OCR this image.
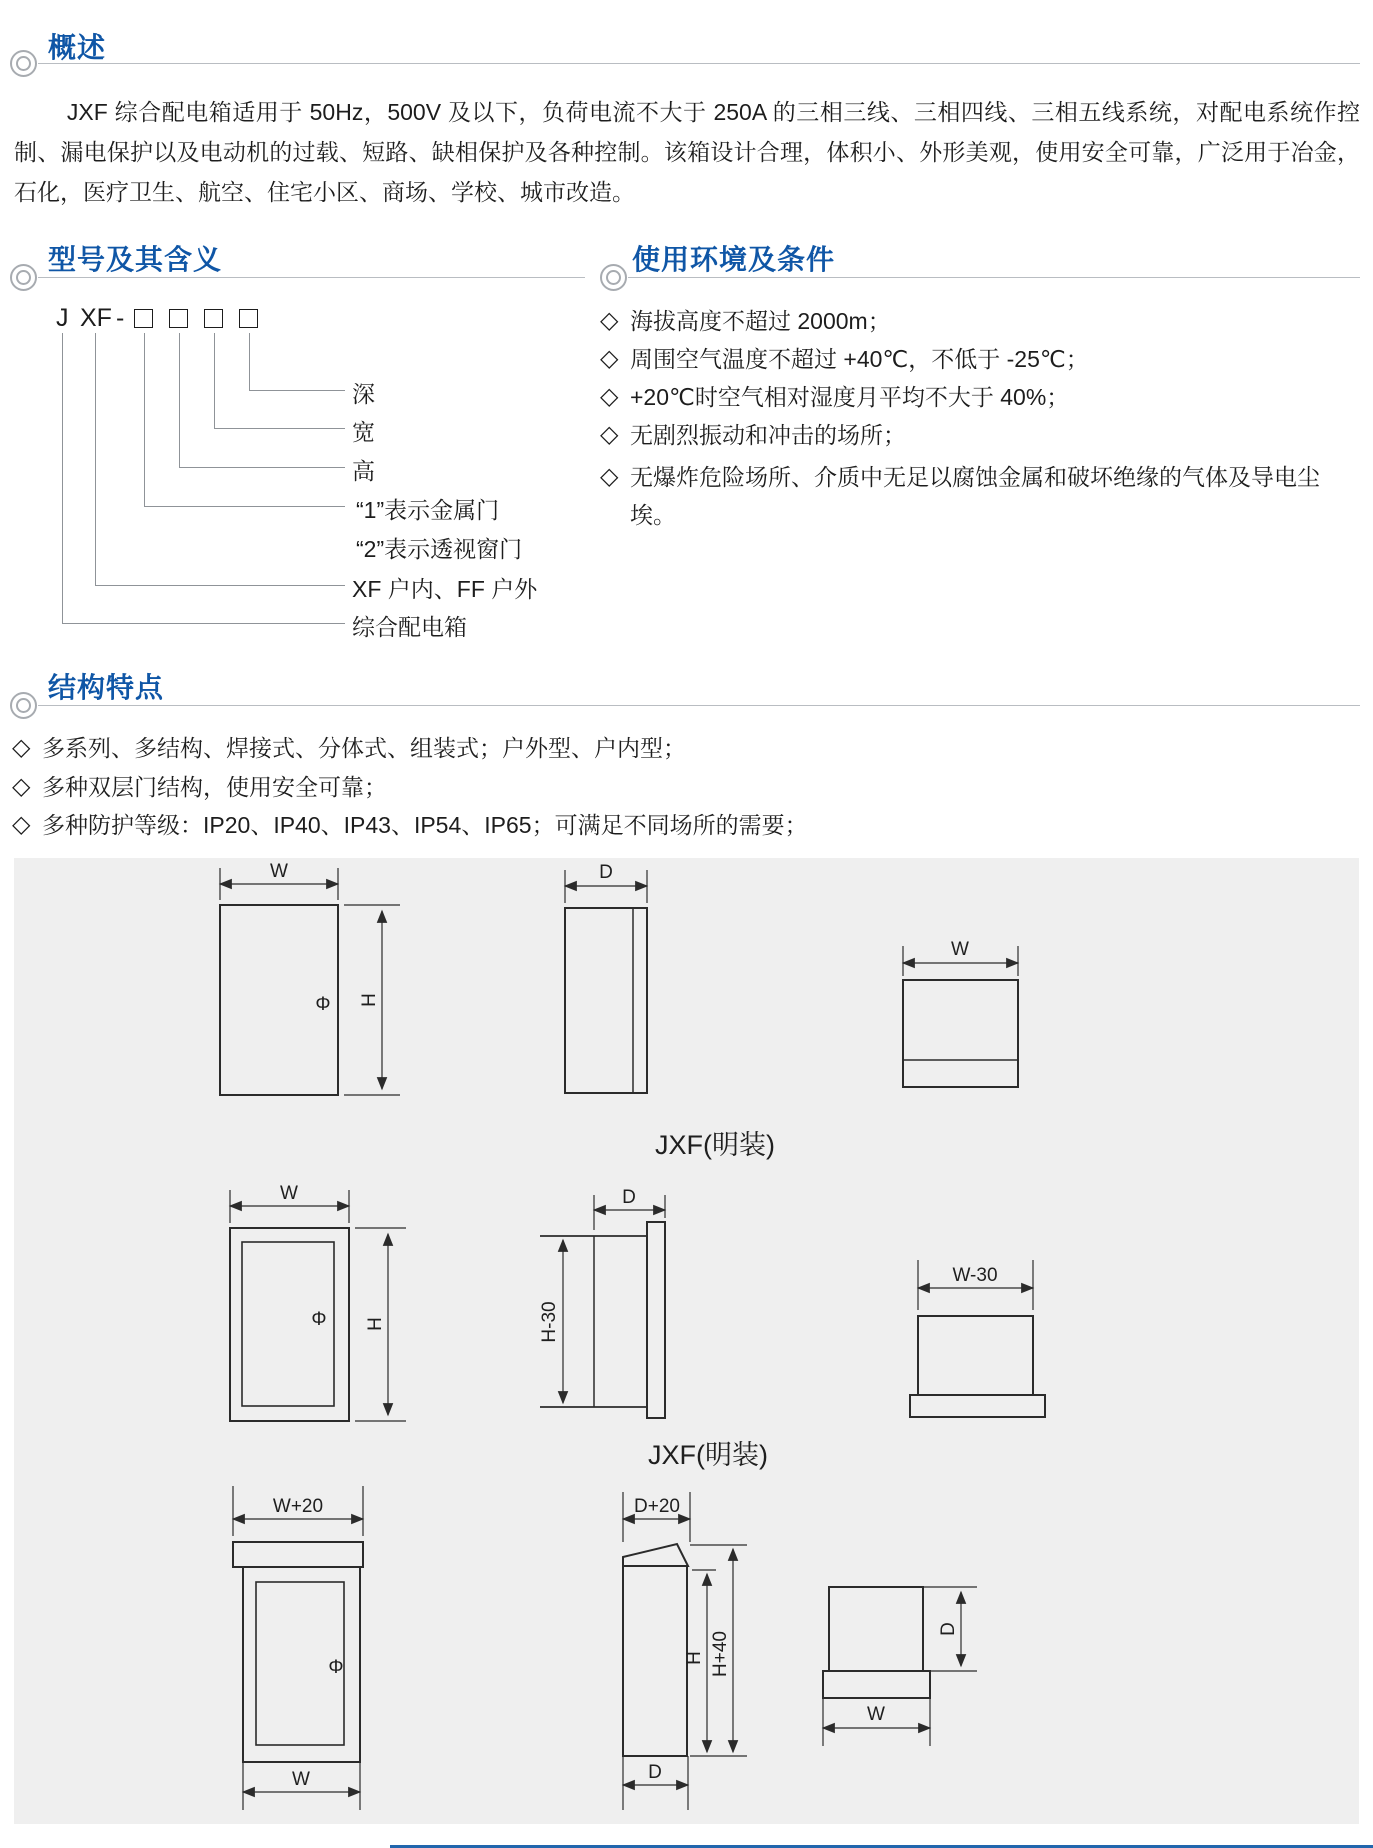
概述
JXF 综合配电箱适用于 50Hz，500V 及以下，负荷电流不大于 250A 的三相三线、三相四线、三相五线系统，对配电系统作控制、漏电保护以及电动机的过载、短路、缺相保护及各种控制。该箱设计合理，体积小、外形美观，使用安全可靠，广泛用于冶金，石化，医疗卫生、航空、住宅小区、商场、学校、城市改造。
型号及其含义
J XF -
深
宽
高
“1”表示金属门
“2”表示透视窗门
XF 户内、FF 户外
综合配电箱
使用环境及条件
◇ 海拔高度不超过 2000m；
◇ 周围空气温度不超过 +40℃，不低于 -25℃；
◇ +20℃时空气相对湿度月平均不大于 40%；
◇ 无剧烈振动和冲击的场所；
◇ 无爆炸危险场所、介质中无足以腐蚀金属和破坏绝缘的气体及导电尘埃。
结构特点
◇ 多系列、多结构、焊接式、分体式、组装式；户外型、户内型；
◇ 多种双层门结构，使用安全可靠；
◇ 多种防护等级：IP20、IP40、IP43、IP54、IP65；可满足不同场所的需要；
W
H
Φ
D
W
JXF(明装)
W
H
Φ	H-30
D
W-30
JXF(明装)
W+20
Φ
W
D+20
H H+40
D
D
W
